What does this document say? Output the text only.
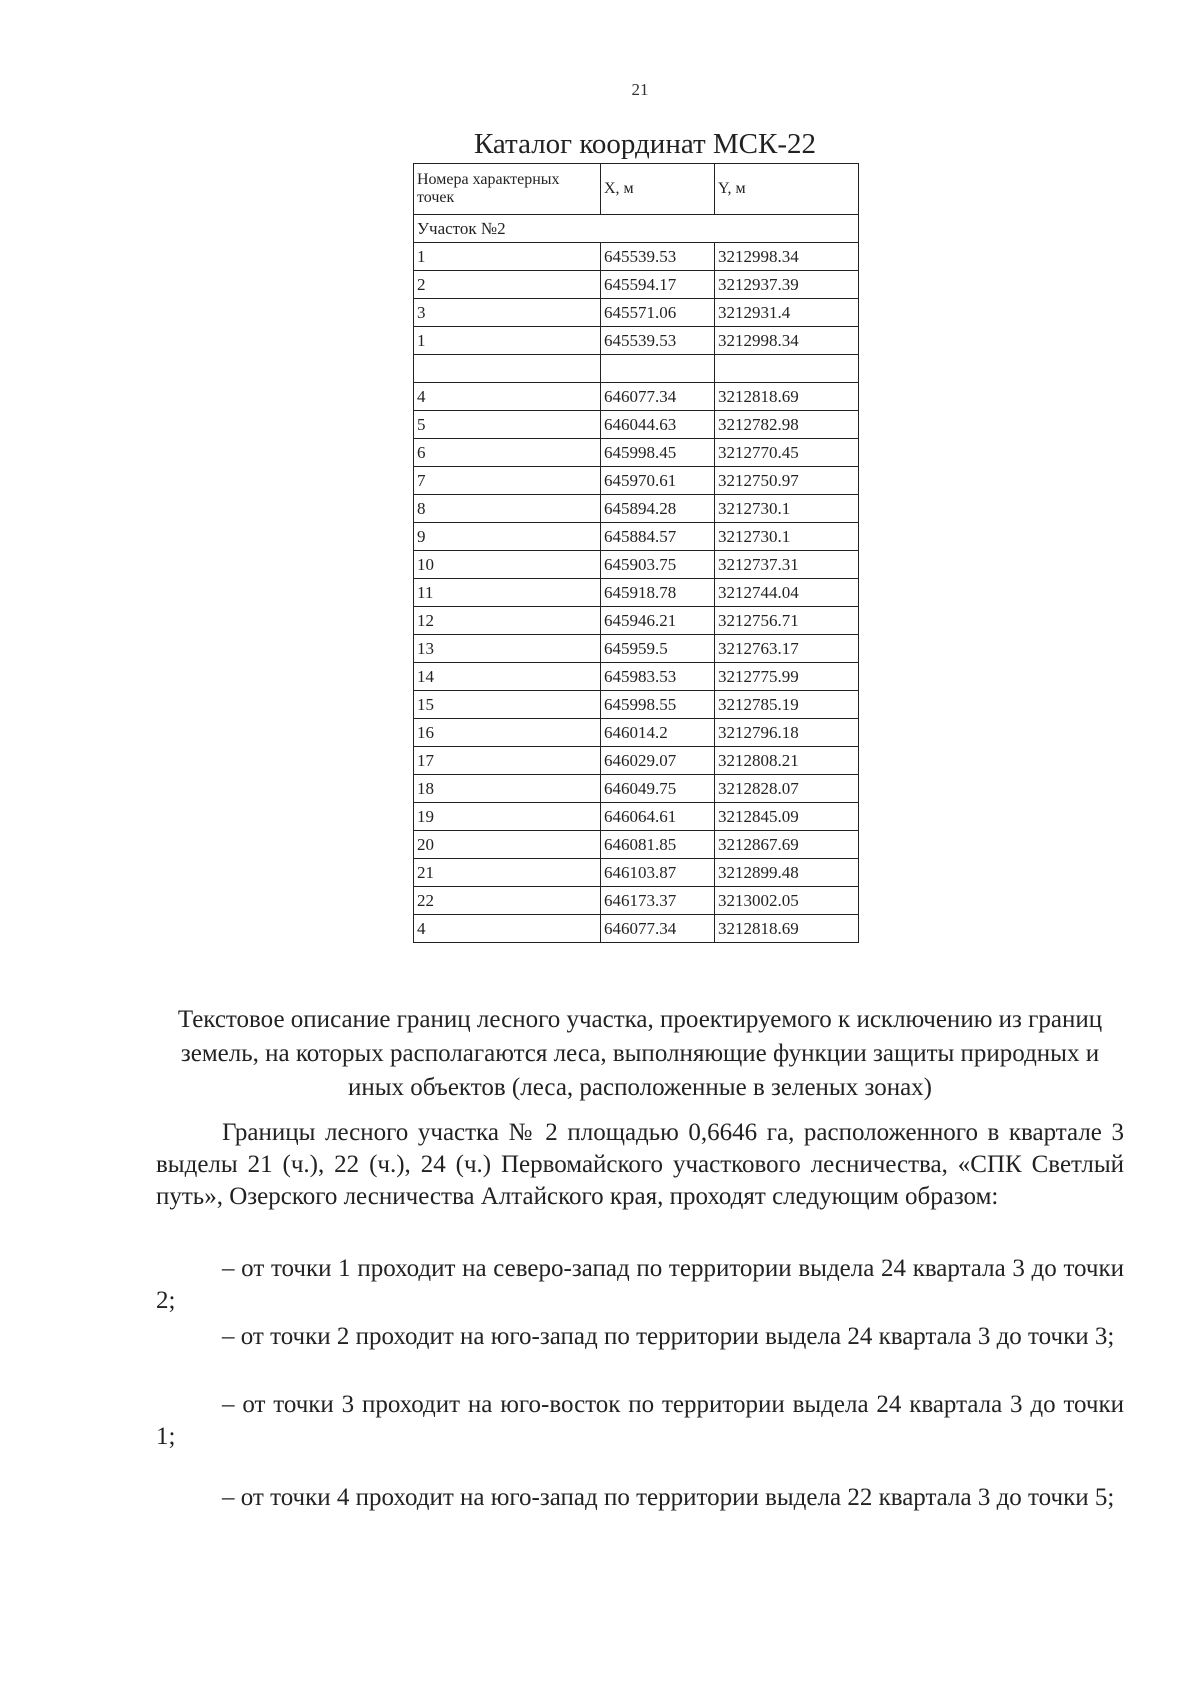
21
Каталог координат МСК-22
Номера характерных точек	X, м	Y, м
Участок №2		
1	645539.53	3212998.34
2	645594.17	3212937.39
3	645571.06	3212931.4
1	645539.53	3212998.34

4	646077.34	3212818.69
5	646044.63	3212782.98
6	645998.45	3212770.45
7	645970.61	3212750.97
8	645894.28	3212730.1
9	645884.57	3212730.1
10	645903.75	3212737.31
11	645918.78	3212744.04
12	645946.21	3212756.71
13	645959.5	3212763.17
14	645983.53	3212775.99
15	645998.55	3212785.19
16	646014.2	3212796.18
17	646029.07	3212808.21
18	646049.75	3212828.07
19	646064.61	3212845.09
20	646081.85	3212867.69
21	646103.87	3212899.48
22	646173.37	3213002.05
4	646077.34	3212818.69
Текстовое описание границ лесного участка, проектируемого к исключению из границ земель, на которых располагаются леса, выполняющие функции защиты природных и иных объектов (леса, расположенные в зеленых зонах)

Границы лесного участка № 2 площадью 0,6646 га, расположенного в квартале 3 выделы 21 (ч.), 22 (ч.), 24 (ч.) Первомайского участкового лесничества, «СПК Светлый путь», Озерского лесничества Алтайского края, проходят следующим образом:

– от точки 1 проходит на северо-запад по территории выдела 24 квартала 3 до точки 2;

– от точки 2 проходит на юго-запад по территории выдела 24 квартала 3 до точки 3;

– от точки 3 проходит на юго-восток по территории выдела 24 квартала 3 до точки 1;

– от точки 4 проходит на юго-запад по территории выдела 22 квартала 3 до точки 5;
